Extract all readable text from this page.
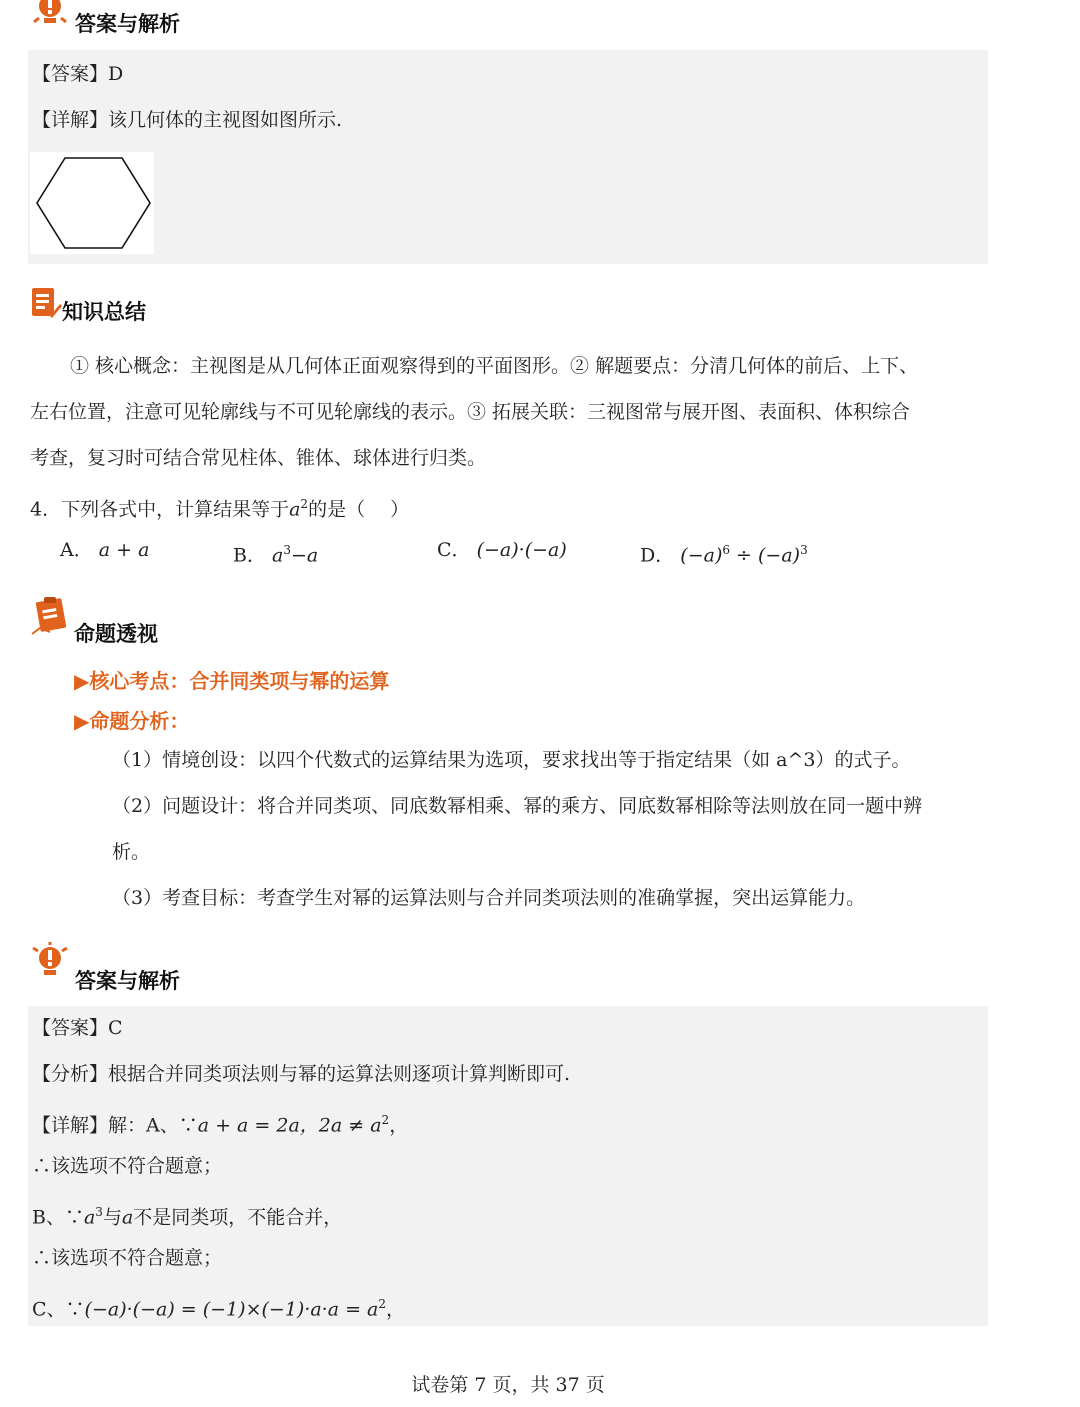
答案与解析
【答案】D
【详解】该几何体的主视图如图所示.
知识总结
① 核心概念：主视图是从几何体正面观察得到的平面图形。② 解题要点：分清几何体的前后、上下、
左右位置，注意可见轮廓线与不可见轮廓线的表示。③ 拓展关联：三视图常与展开图、表面积、体积综合
考查，复习时可结合常见柱体、锥体、球体进行归类。
4．下列各式中，计算结果等于$a^2$的是（　 ）
A． a + a	B． $a^3-a$	C． (−a)·(−a)	D． $(-a)^6 \div (-a)^3$
命题透视
▶核心考点：合并同类项与幂的运算
▶命题分析：
（1）情境创设：以四个代数式的运算结果为选项，要求找出等于指定结果（如 a^3）的式子。
（2）问题设计：将合并同类项、同底数幂相乘、幂的乘方、同底数幂相除等法则放在同一题中辨
析。
（3）考查目标：考查学生对幂的运算法则与合并同类项法则的准确掌握，突出运算能力。
答案与解析
【答案】C
【分析】根据合并同类项法则与幂的运算法则逐项计算判断即可.
【详解】解：A、∵a + a = 2a，$2a \ne a^2$，
∴该选项不符合题意；
B、$\because a^3$与a不是同类项，不能合并，
∴该选项不符合题意；
C、∵(−a)·(−a) = $(-1)\times(-1)\cdot a\cdot a = a^2$，
试卷第 7 页，共 37 页
